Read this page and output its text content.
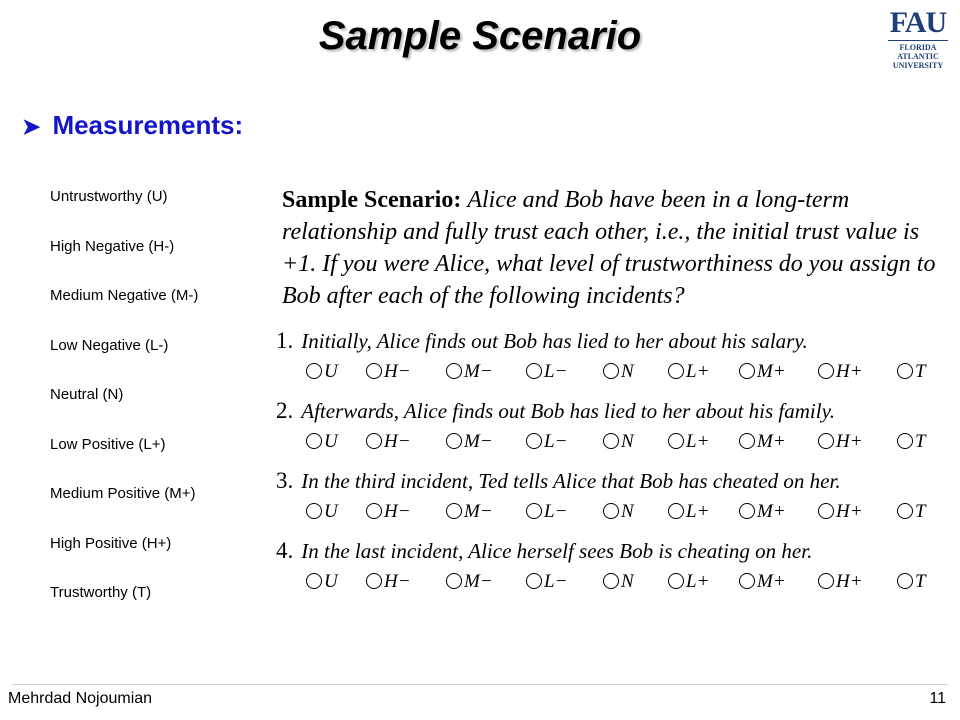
Sample Scenario	FAU
FLORIDA
ATLANTIC
UNIVERSITY
➤ Measurements:
Untrustworthy (U)
High Negative (H-)
Medium Negative (M-)
Low Negative (L-)
Neutral (N)
Low Positive (L+)
Medium Positive (M+)
High Positive (H+)
Trustworthy (T)
Sample Scenario: Alice and Bob have been in a long-term relationship and fully trust each other, i.e., the initial trust value is +1. If you were Alice, what level of trustworthiness do you assign to Bob after each of the following incidents?
1. Initially, Alice finds out Bob has lied to her about his salary.
U	H−	M−	L−	N	L+	M+	H+	T
2. Afterwards, Alice finds out Bob has lied to her about his family.
U	H−	M−	L−	N	L+	M+	H+	T
3. In the third incident, Ted tells Alice that Bob has cheated on her.
U	H−	M−	L−	N	L+	M+	H+	T
4. In the last incident, Alice herself sees Bob is cheating on her.
U	H−	M−	L−	N	L+	M+	H+	T
Mehrdad Nojoumian	11
